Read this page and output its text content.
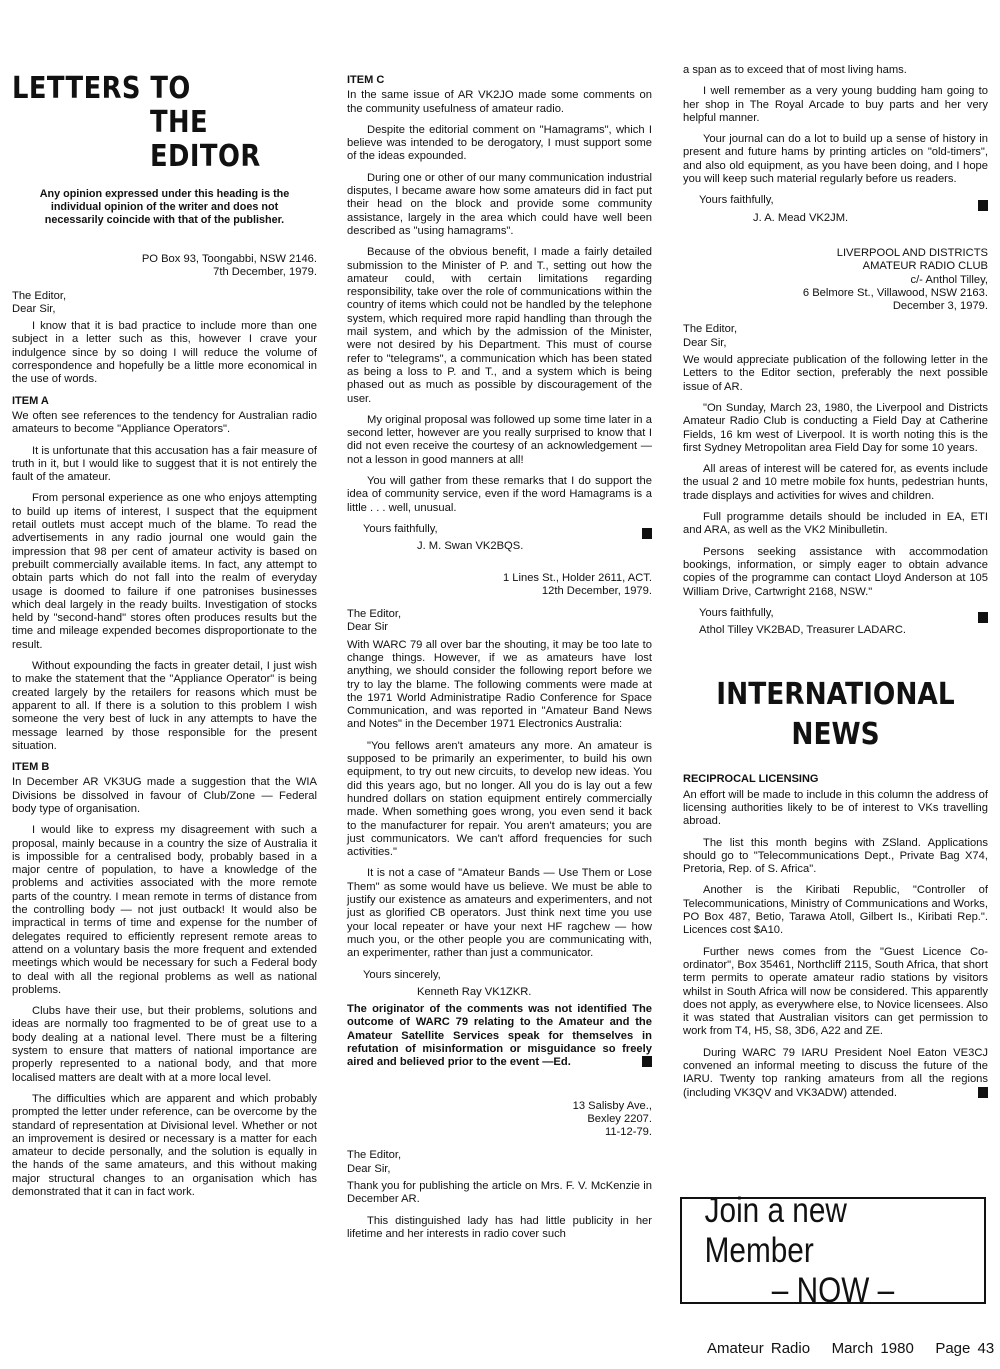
LETTERS TO
THE EDITOR
Any opinion expressed under this heading is the individual opinion of the writer and does not necessarily coincide with that of the publisher.
PO Box 93, Toongabbi, NSW 2146.
7th December, 1979.
The Editor,
Dear Sir,

I know that it is bad practice to include more than one subject in a letter such as this, however I crave your indulgence since by so doing I will reduce the volume of correspondence and hopefully be a little more economical in the use of words.

ITEM A

We often see references to the tendency for Australian radio amateurs to become "Appliance Operators".

It is unfortunate that this accusation has a fair measure of truth in it, but I would like to suggest that it is not entirely the fault of the amateur.

From personal experience as one who enjoys attempting to build up items of interest, I suspect that the equipment retail outlets must accept much of the blame. To read the advertisements in any radio journal one would gain the impression that 98 per cent of amateur activity is based on prebuilt commercially available items. In fact, any attempt to obtain parts which do not fall into the realm of everyday usage is doomed to failure if one patronises businesses which deal largely in the ready builts. Investigation of stocks held by "second-hand" stores often produces results but the time and mileage expended becomes disproportionate to the result.

Without expounding the facts in greater detail, I just wish to make the statement that the "Appliance Operator" is being created largely by the retailers for reasons which must be apparent to all. If there is a solution to this problem I wish someone the very best of luck in any attempts to have the message learned by those responsible for the present situation.

ITEM B

In December AR VK3UG made a suggestion that the WIA Divisions be dissolved in favour of Club/Zone — Federal body type of organisation.

I would like to express my disagreement with such a proposal, mainly because in a country the size of Australia it is impossible for a centralised body, probably based in a major centre of population, to have a knowledge of the problems and activities associated with the more remote parts of the country. I mean remote in terms of distance from the controlling body — not just outback! It would also be impractical in terms of time and expense for the number of delegates required to efficiently represent remote areas to attend on a voluntary basis the more frequent and extended meetings which would be necessary for such a Federal body to deal with all the regional problems as well as national problems.

Clubs have their use, but their problems, solutions and ideas are normally too fragmented to be of great use to a body dealing at a national level. There must be a filtering system to ensure that matters of national importance are properly represented to a national body, and that more localised matters are dealt with at a more local level.

The difficulties which are apparent and which probably prompted the letter under reference, can be overcome by the standard of representation at Divisional level. Whether or not an improvement is desired or necessary is a matter for each amateur to decide personally, and the solution is equally in the hands of the same amateurs, and this without making major structural changes to an organisation which has demonstrated that it can in fact work.

ITEM C

In the same issue of AR VK2JO made some comments on the community usefulness of amateur radio.

Despite the editorial comment on "Hamagrams", which I believe was intended to be derogatory, I must support some of the ideas expounded.

During one or other of our many communication industrial disputes, I became aware how some amateurs did in fact put their head on the block and provide some community assistance, largely in the area which could have well been described as "using hamagrams".

Because of the obvious benefit, I made a fairly detailed submission to the Minister of P. and T., setting out how the amateur could, with certain limitations regarding responsibility, take over the role of communications within the country of items which could not be handled by the telephone system, which required more rapid handling than through the mail system, and which by the admission of the Minister, were not desired by his Department. This must of course refer to "telegrams", a communication which has been stated as being a loss to P. and T., and a system which is being phased out as much as possible by discouragement of the user.

My original proposal was followed up some time later in a second letter, however are you really surprised to know that I did not even receive the courtesy of an acknowledgement — not a lesson in good manners at all!

You will gather from these remarks that I do support the idea of community service, even if the word Hamagrams is a little . . . well, unusual.

Yours faithfully,
J. M. Swan VK2BQS.
1 Lines St., Holder 2611, ACT.
12th December, 1979.
The Editor,
Dear Sir

With WARC 79 all over bar the shouting, it may be too late to change things. However, if we as amateurs have lost anything, we should consider the following report before we try to lay the blame. The following comments were made at the 1971 World Administratipe Radio Conference for Space Communication, and was reported in "Amateur Band News and Notes" in the December 1971 Electronics Australia:

"You fellows aren't amateurs any more. An amateur is supposed to be primarily an experimenter, to build his own equipment, to try out new circuits, to develop new ideas. You did this years ago, but no longer. All you do is lay out a few hundred dollars on station equipment entirely commercially made. When something goes wrong, you even send it back to the manufacturer for repair. You aren't amateurs; you are just communicators. We can't afford frequencies for such activities."

It is not a case of "Amateur Bands — Use Them or Lose Them" as some would have us believe. We must be able to justify our existence as amateurs and experimenters, and not just as glorified CB operators. Just think next time you use your local repeater or have your next HF ragchew — how much you, or the other people you are communicating with, an experimenter, rather than just a communicator.

Yours sincerely,
Kenneth Ray VK1ZKR.
The originator of the comments was not identified The outcome of WARC 79 relating to the Amateur and the Amateur Satellite Services speak for themselves in refutation of misinformation or misguidance so freely aired and believed prior to the event —Ed.
13 Salisby Ave.,
Bexley 2207.
11-12-79.
The Editor,
Dear Sir,

Thank you for publishing the article on Mrs. F. V. McKenzie in December AR.

This distinguished lady has had little publicity in her lifetime and her interests in radio cover such

a span as to exceed that of most living hams.

I well remember as a very young budding ham going to her shop in The Royal Arcade to buy parts and her very helpful manner.

Your journal can do a lot to build up a sense of history in present and future hams by printing articles on "old-timers", and also old equipment, as you have been doing, and I hope you will keep such material regularly before us readers.

Yours faithfully,
J. A. Mead VK2JM.
LIVERPOOL AND DISTRICTS
AMATEUR RADIO CLUB
c/- Anthol Tilley,
6 Belmore St., Villawood, NSW 2163.
December 3, 1979.
The Editor,
Dear Sir,

We would appreciate publication of the following letter in the Letters to the Editor section, preferably the next possible issue of AR.

"On Sunday, March 23, 1980, the Liverpool and Districts Amateur Radio Club is conducting a Field Day at Catherine Fields, 16 km west of Liverpool. It is worth noting this is the first Sydney Metropolitan area Field Day for some 10 years.

All areas of interest will be catered for, as events include the usual 2 and 10 metre mobile fox hunts, pedestrian hunts, trade displays and activities for wives and children.

Full programme details should be included in EA, ETI and ARA, as well as the VK2 Minibulletin.

Persons seeking assistance with accommodation bookings, information, or simply eager to obtain advance copies of the programme can contact Lloyd Anderson at 105 William Drive, Cartwright 2168, NSW."

Yours faithfully,
Athol Tilley VK2BAD, Treasurer LADARC.
INTERNATIONAL
NEWS
RECIPROCAL LICENSING

An effort will be made to include in this column the address of licensing authorities likely to be of interest to VKs travelling abroad.

The list this month begins with ZSland. Applications should go to "Telecommunications Dept., Private Bag X74, Pretoria, Rep. of S. Africa".

Another is the Kiribati Republic, "Controller of Telecommunications, Ministry of Communications and Works, PO Box 487, Betio, Tarawa Atoll, Gilbert Is., Kiribati Rep.". Licences cost $A10.

Further news comes from the "Guest Licence Co-ordinator", Box 35461, Northcliff 2115, South Africa, that short term permits to operate amateur radio stations by visitors whilst in South Africa will now be considered. This apparently does not apply, as everywhere else, to Novice licensees. Also it was stated that Australian visitors can get permission to work from T4, H5, S8, 3D6, A22 and ZE.

During WARC 79 IARU President Noel Eaton VE3CJ convened an informal meeting to discuss the future of the IARU. Twenty top ranking amateurs from all the regions (including VK3QV and VK3ADW) attended.

Join a new Member
– NOW –
Amateur Radio March 1980 Page 43
